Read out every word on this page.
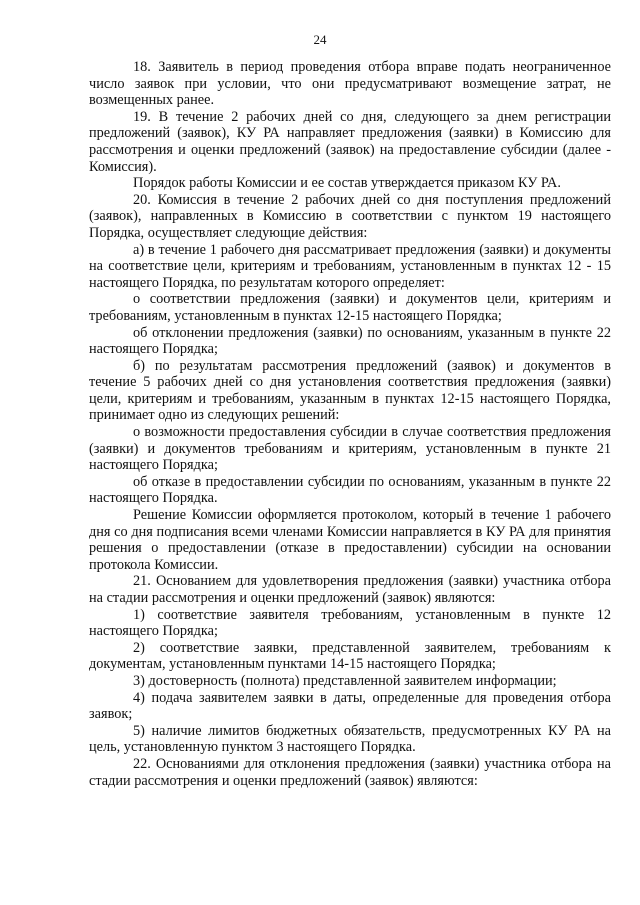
24

18. Заявитель в период проведения отбора вправе подать неограниченное число заявок при условии, что они предусматривают возмещение затрат, не возмещенных ранее.

19. В течение 2 рабочих дней со дня, следующего за днем регистрации предложений (заявок), КУ РА направляет предложения (заявки) в Комиссию для рассмотрения и оценки предложений (заявок) на предоставление субсидии (далее - Комиссия).

Порядок работы Комиссии и ее состав утверждается приказом КУ РА.

20. Комиссия в течение 2 рабочих дней со дня поступления предложений (заявок), направленных в Комиссию в соответствии с пунктом 19 настоящего Порядка, осуществляет следующие действия:

а) в течение 1 рабочего дня рассматривает предложения (заявки) и документы на соответствие цели, критериям и требованиям, установленным в пунктах 12 - 15 настоящего Порядка, по результатам которого определяет:

о соответствии предложения (заявки) и документов цели, критериям и требованиям, установленным в пунктах 12-15 настоящего Порядка;

об отклонении предложения (заявки) по основаниям, указанным в пункте 22 настоящего Порядка;

б) по результатам рассмотрения предложений (заявок) и документов в течение 5 рабочих дней со дня установления соответствия предложения (заявки) цели, критериям и требованиям, указанным в пунктах 12-15 настоящего Порядка, принимает одно из следующих решений:

о возможности предоставления субсидии в случае соответствия предложения (заявки) и документов требованиям и критериям, установленным в пункте 21 настоящего Порядка;

об отказе в предоставлении субсидии по основаниям, указанным в пункте 22 настоящего Порядка.

Решение Комиссии оформляется протоколом, который в течение 1 рабочего дня со дня подписания всеми членами Комиссии направляется в КУ РА для принятия решения о предоставлении (отказе в предоставлении) субсидии на основании протокола Комиссии.

21. Основанием для удовлетворения предложения (заявки) участника отбора на стадии рассмотрения и оценки предложений (заявок) являются:

1) соответствие заявителя требованиям, установленным в пункте 12 настоящего Порядка;

2) соответствие заявки, представленной заявителем, требованиям к документам, установленным пунктами 14-15 настоящего Порядка;

3) достоверность (полнота) представленной заявителем информации;

4) подача заявителем заявки в даты, определенные для проведения отбора заявок;

5) наличие лимитов бюджетных обязательств, предусмотренных КУ РА на цель, установленную пунктом 3 настоящего Порядка.

22. Основаниями для отклонения предложения (заявки) участника отбора на стадии рассмотрения и оценки предложений (заявок) являются:
